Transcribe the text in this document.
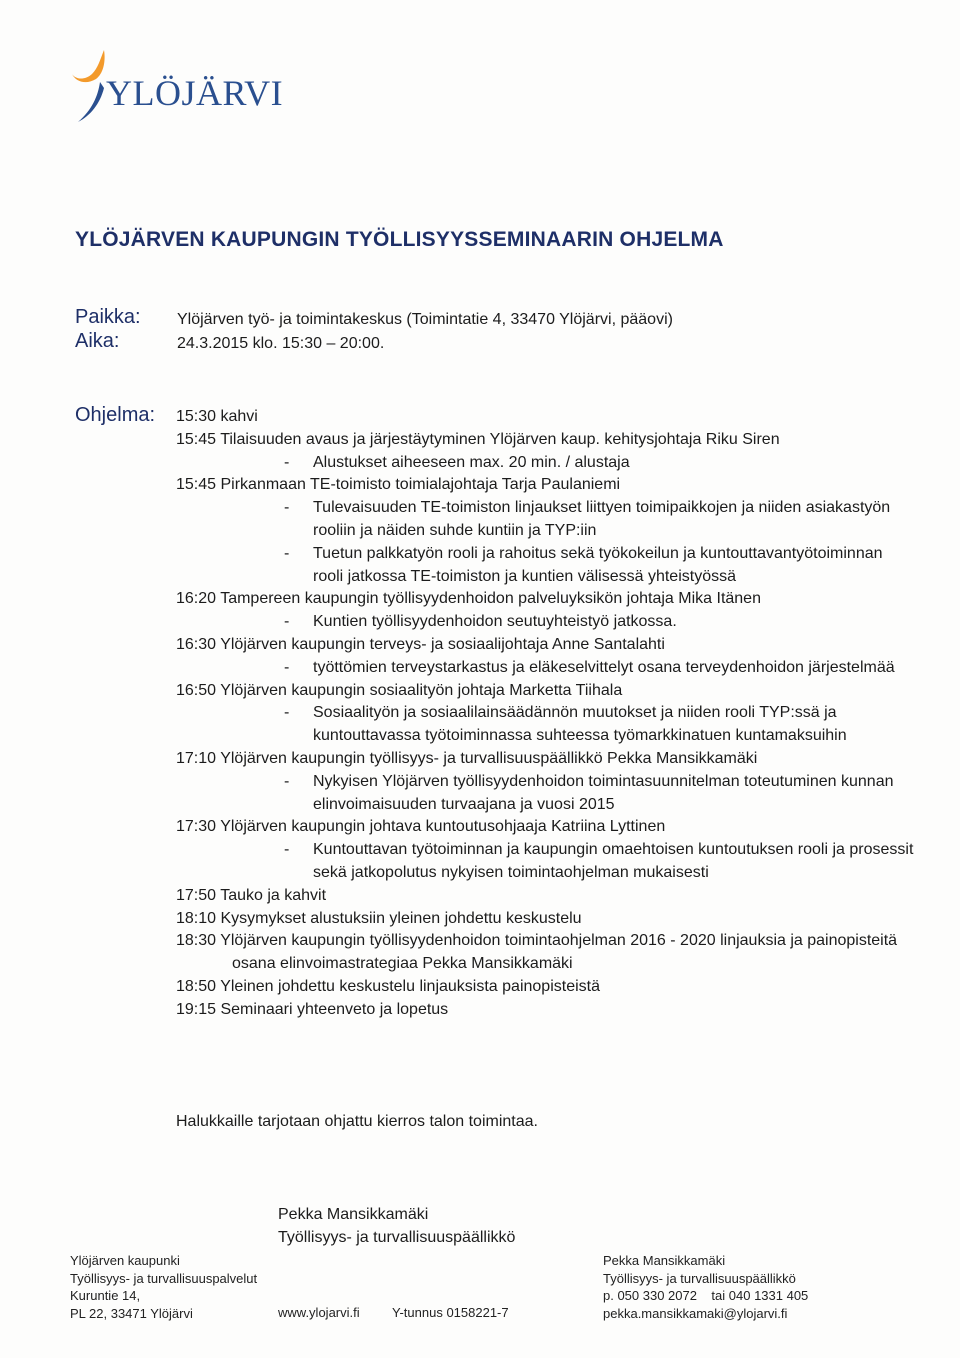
YLÖJÄRVI
YLÖJÄRVEN KAUPUNGIN TYÖLLISYYSSEMINAARIN OHJELMA
Paikka: Ylöjärven työ- ja toimintakeskus (Toimintatie 4, 33470 Ylöjärvi, pääovi)
Aika:	24.3.2015 klo. 15:30 – 20:00.
Ohjelma: 15:30 kahvi
15:45 Tilaisuuden avaus ja järjestäytyminen Ylöjärven kaup. kehitysjohtaja Riku Siren
- Alustukset aiheeseen max. 20 min. / alustaja
15:45 Pirkanmaan TE-toimisto toimialajohtaja Tarja Paulaniemi
- Tulevaisuuden TE-toimiston linjaukset liittyen toimipaikkojen ja niiden asiakastyön rooliin ja näiden suhde kuntiin ja TYP:iin
- Tuetun palkkatyön rooli ja rahoitus sekä työkokeilun ja kuntouttavantyötoiminnan rooli jatkossa TE-toimiston ja kuntien välisessä yhteistyössä
16:20 Tampereen kaupungin työllisyydenhoidon palveluyksikön johtaja Mika Itänen
- Kuntien työllisyydenhoidon seutuyhteistyö jatkossa.
16:30 Ylöjärven kaupungin terveys- ja sosiaalijohtaja Anne Santalahti
- työttömien terveystarkastus ja eläkeselvittelyt osana terveydenhoidon järjestelmää
16:50 Ylöjärven kaupungin sosiaalityön johtaja Marketta Tiihala
- Sosiaalityön ja sosiaalilainsäädännön muutokset ja niiden rooli TYP:ssä ja kuntouttavassa työtoiminnassa suhteessa työmarkkinatuen kuntamaksuihin
17:10 Ylöjärven kaupungin työllisyys- ja turvallisuuspäällikkö Pekka Mansikkamäki
- Nykyisen Ylöjärven työllisyydenhoidon toimintasuunnitelman toteutuminen kunnan elinvoimaisuuden turvaajana ja vuosi 2015
17:30 Ylöjärven kaupungin johtava kuntoutusohjaaja Katriina Lyttinen
- Kuntouttavan työtoiminnan ja kaupungin omaehtoisen kuntoutuksen rooli ja prosessit sekä jatkopolutus nykyisen toimintaohjelman mukaisesti
17:50 Tauko ja kahvit
18:10 Kysymykset alustuksiin yleinen johdettu keskustelu
18:30 Ylöjärven kaupungin työllisyydenhoidon toimintaohjelman 2016 - 2020 linjauksia ja painopisteitä osana elinvoimastrategiaa Pekka Mansikkamäki
18:50 Yleinen johdettu keskustelu linjauksista painopisteistä
19:15 Seminaari yhteenveto ja lopetus
Halukkaille tarjotaan ohjattu kierros talon toimintaa.
Pekka Mansikkamäki
Työllisyys- ja turvallisuuspäällikkö
Ylöjärven kaupunki
Työllisyys- ja turvallisuuspalvelut
Kuruntie 14,
PL 22, 33471 Ylöjärvi	www.ylojarvi.fi Y-tunnus 0158221-7
Pekka Mansikkamäki
Työllisyys- ja turvallisuuspäällikkö
p. 050 330 2072    tai 040 1331 405
pekka.mansikkamaki@ylojarvi.fi
